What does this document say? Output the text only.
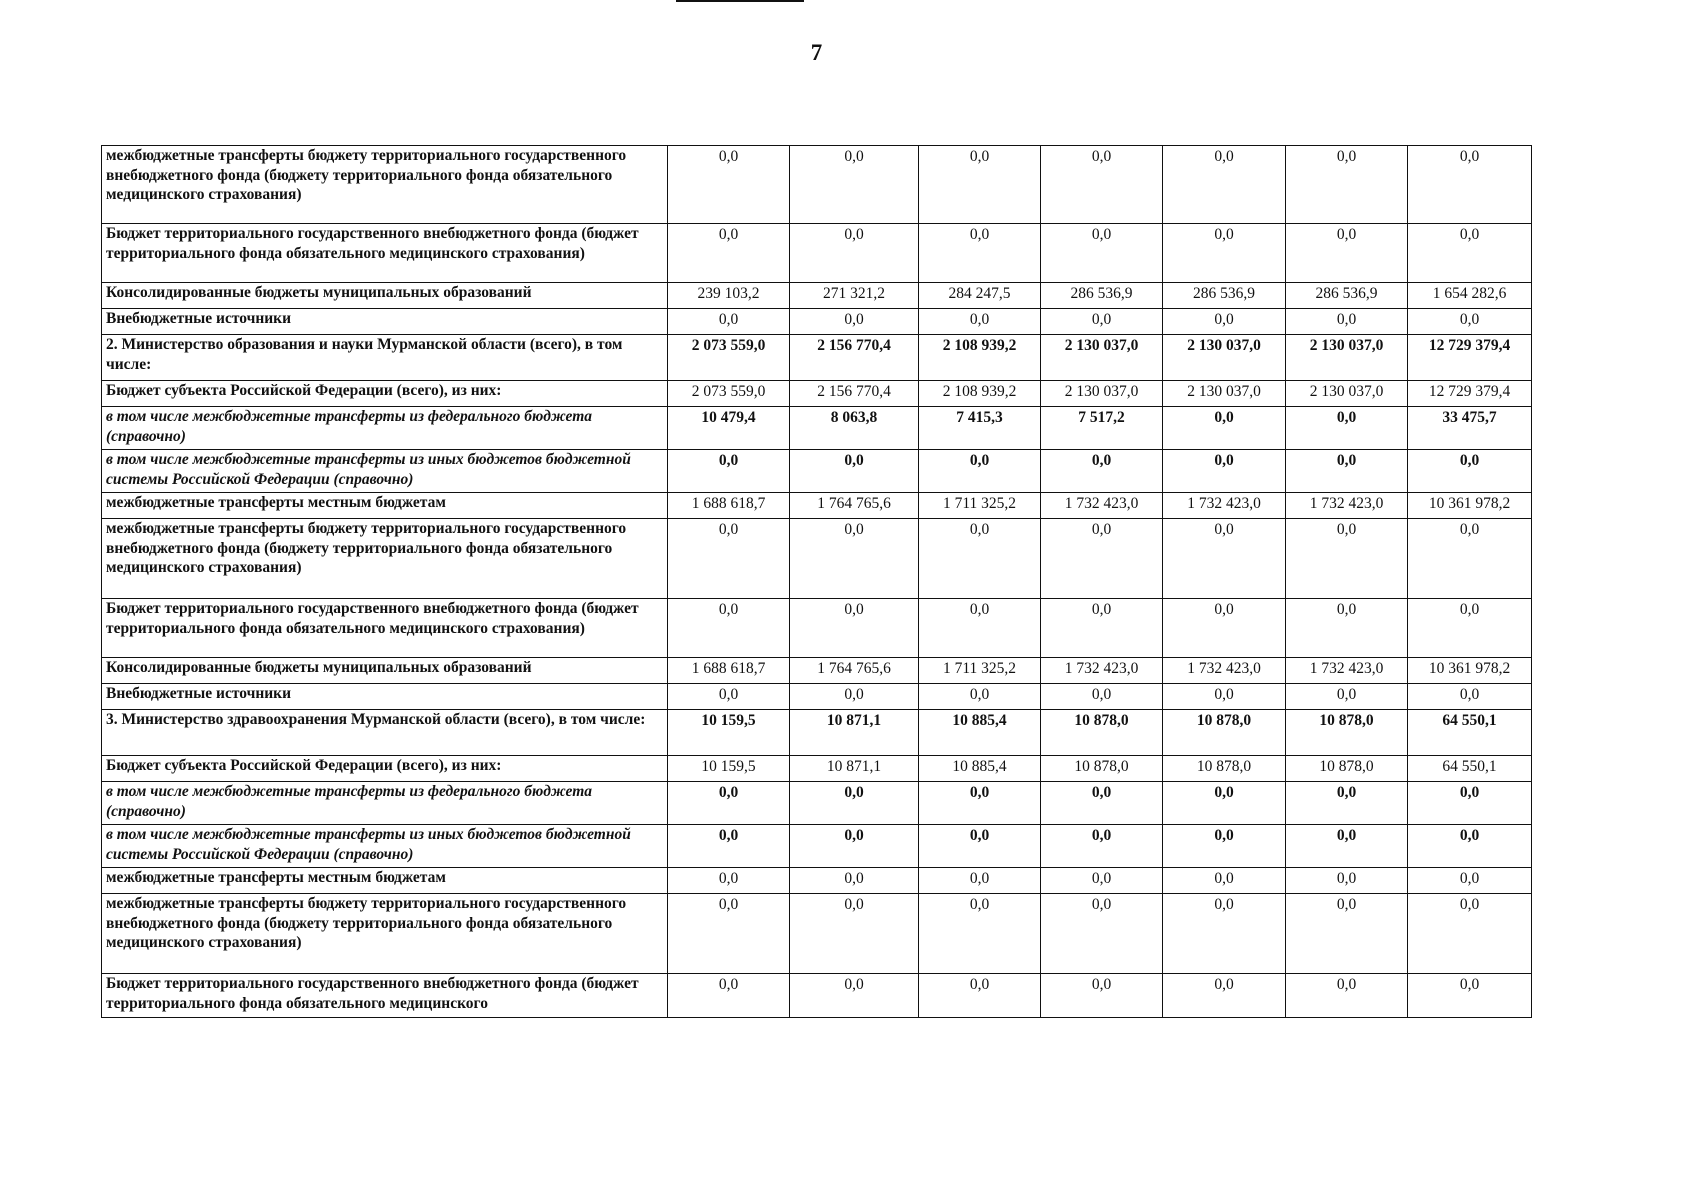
7
межбюджетные трансферты бюджету территориального государственного внебюджетного фонда (бюджету территориального фонда обязательного медицинского страхования)	0,0	0,0	0,0	0,0	0,0	0,0	0,0
Бюджет территориального государственного внебюджетного фонда (бюджет территориального фонда обязательного медицинского страхования)	0,0	0,0	0,0	0,0	0,0	0,0	0,0
Консолидированные бюджеты муниципальных образований	239 103,2	271 321,2	284 247,5	286 536,9	286 536,9	286 536,9	1 654 282,6
Внебюджетные источники	0,0	0,0	0,0	0,0	0,0	0,0	0,0
2. Министерство образования и науки Мурманской области (всего), в том числе:	2 073 559,0	2 156 770,4	2 108 939,2	2 130 037,0	2 130 037,0	2 130 037,0	12 729 379,4
Бюджет субъекта Российской Федерации (всего), из них:	2 073 559,0	2 156 770,4	2 108 939,2	2 130 037,0	2 130 037,0	2 130 037,0	12 729 379,4
в том числе межбюджетные трансферты из федерального бюджета (справочно)	10 479,4	8 063,8	7 415,3	7 517,2	0,0	0,0	33 475,7
в том числе межбюджетные трансферты из иных бюджетов бюджетной системы Российской Федерации (справочно)	0,0	0,0	0,0	0,0	0,0	0,0	0,0
межбюджетные трансферты местным бюджетам	1 688 618,7	1 764 765,6	1 711 325,2	1 732 423,0	1 732 423,0	1 732 423,0	10 361 978,2
межбюджетные трансферты бюджету территориального государственного внебюджетного фонда (бюджету территориального фонда обязательного медицинского страхования)	0,0	0,0	0,0	0,0	0,0	0,0	0,0
Бюджет территориального государственного внебюджетного фонда (бюджет территориального фонда обязательного медицинского страхования)	0,0	0,0	0,0	0,0	0,0	0,0	0,0
Консолидированные бюджеты муниципальных образований	1 688 618,7	1 764 765,6	1 711 325,2	1 732 423,0	1 732 423,0	1 732 423,0	10 361 978,2
Внебюджетные источники	0,0	0,0	0,0	0,0	0,0	0,0	0,0
3. Министерство здравоохранения Мурманской области (всего), в том числе:	10 159,5	10 871,1	10 885,4	10 878,0	10 878,0	10 878,0	64 550,1
Бюджет субъекта Российской Федерации (всего), из них:	10 159,5	10 871,1	10 885,4	10 878,0	10 878,0	10 878,0	64 550,1
в том числе межбюджетные трансферты из федерального бюджета (справочно)	0,0	0,0	0,0	0,0	0,0	0,0	0,0
в том числе межбюджетные трансферты из иных бюджетов бюджетной системы Российской Федерации (справочно)	0,0	0,0	0,0	0,0	0,0	0,0	0,0
межбюджетные трансферты местным бюджетам	0,0	0,0	0,0	0,0	0,0	0,0	0,0
межбюджетные трансферты бюджету территориального государственного внебюджетного фонда (бюджету территориального фонда обязательного медицинского страхования)	0,0	0,0	0,0	0,0	0,0	0,0	0,0
Бюджет территориального государственного внебюджетного фонда (бюджет территориального фонда обязательного медицинского	0,0	0,0	0,0	0,0	0,0	0,0	0,0
